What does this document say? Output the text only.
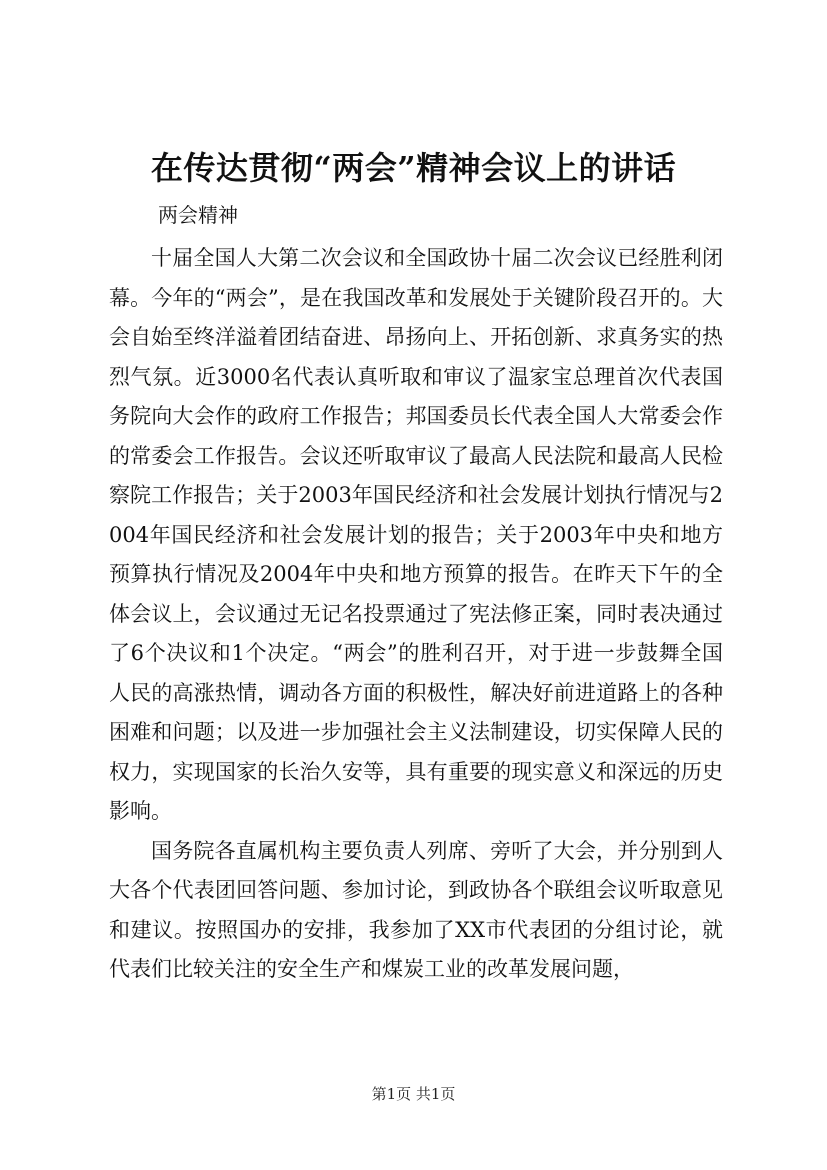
在传达贯彻“两会”精神会议上的讲话
两会精神

十届全国人大第二次会议和全国政协十届二次会议已经胜利闭幕。今年的“两会”，是在我国改革和发展处于关键阶段召开的。大会自始至终洋溢着团结奋进、昂扬向上、开拓创新、求真务实的热烈气氛。近3000名代表认真听取和审议了温家宝总理首次代表国务院向大会作的政府工作报告；邦国委员长代表全国人大常委会作的常委会工作报告。会议还听取审议了最高人民法院和最高人民检察院工作报告；关于2003年国民经济和社会发展计划执行情况与2004年国民经济和社会发展计划的报告；关于2003年中央和地方预算执行情况及2004年中央和地方预算的报告。在昨天下午的全体会议上，会议通过无记名投票通过了宪法修正案，同时表决通过了6个决议和1个决定。“两会”的胜利召开，对于进一步鼓舞全国人民的高涨热情，调动各方面的积极性，解决好前进道路上的各种困难和问题；以及进一步加强社会主义法制建设，切实保障人民的权力，实现国家的长治久安等，具有重要的现实意义和深远的历史影响。

国务院各直属机构主要负责人列席、旁听了大会，并分别到人大各个代表团回答问题、参加讨论，到政协各个联组会议听取意见和建议。按照国办的安排，我参加了XX市代表团的分组讨论，就代表们比较关注的安全生产和煤炭工业的改革发展问题，

第1页 共1页
